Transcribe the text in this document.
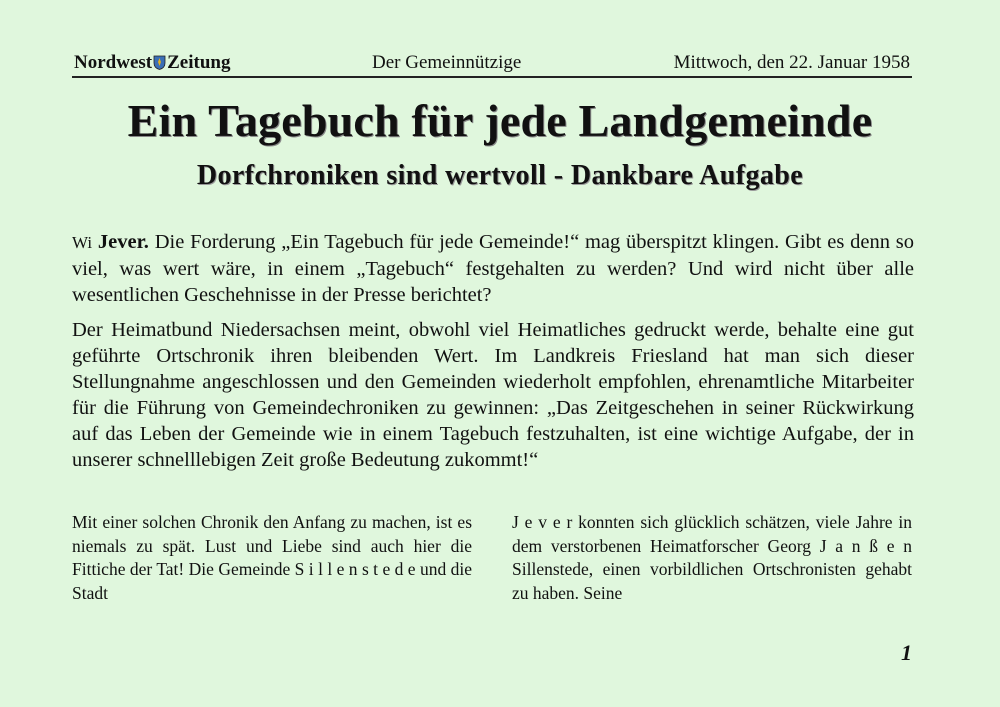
Nordwest Zeitung	Der Gemeinnützige	Mittwoch, den 22. Januar 1958
Ein Tagebuch für jede Landgemeinde
Dorfchroniken sind wertvoll - Dankbare Aufgabe
Wi Jever. Die Forderung „Ein Tagebuch für jede Gemeinde!“ mag überspitzt klingen. Gibt es denn so viel, was wert wäre, in einem „Tagebuch“ festgehalten zu werden? Und wird nicht über alle wesentlichen Geschehnisse in der Presse berichtet?
Der Heimatbund Niedersachsen meint, obwohl viel Heimatliches gedruckt werde, behalte eine gut geführte Ortschronik ihren bleibenden Wert. Im Landkreis Friesland hat man sich dieser Stellungnahme angeschlossen und den Gemeinden wiederholt empfohlen, ehrenamtliche Mitarbeiter für die Führung von Gemeindechroniken zu gewinnen: „Das Zeitgeschehen in seiner Rückwirkung auf das Leben der Gemeinde wie in einem Tagebuch festzuhalten, ist eine wichtige Aufgabe, der in unserer schnelllebigen Zeit große Bedeutung zukommt!“
Mit einer solchen Chronik den Anfang zu machen, ist es niemals zu spät. Lust und Liebe sind auch hier die Fittiche der Tat! Die Gemeinde S i l l e n s t e d e und die Stadt
J e v e r konnten sich glücklich schätzen, viele Jahre in dem verstorbenen Heimatforscher Georg J a n ß e n Sillenstede, einen vorbildlichen Ortschronisten gehabt zu haben. Seine
1
